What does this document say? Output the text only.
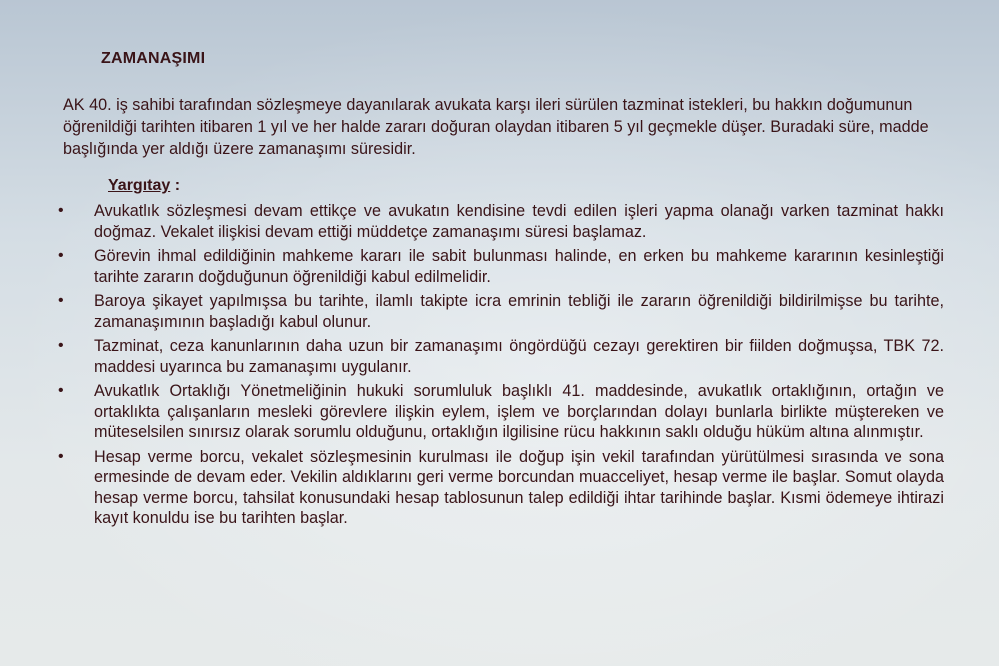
ZAMANAŞIMI
AK 40. iş sahibi tarafından sözleşmeye dayanılarak avukata karşı ileri sürülen tazminat istekleri, bu hakkın doğumunun öğrenildiği tarihten itibaren 1 yıl ve her halde zararı doğuran olaydan itibaren 5 yıl geçmekle düşer. Buradaki süre, madde başlığında yer aldığı üzere zamanaşımı süresidir.
Yargıtay :
• Avukatlık sözleşmesi devam ettikçe ve avukatın kendisine tevdi edilen işleri yapma olanağı varken tazminat hakkı doğmaz. Vekalet ilişkisi devam ettiği müddetçe zamanaşımı süresi başlamaz.
• Görevin ihmal edildiğinin mahkeme kararı ile sabit bulunması halinde, en erken bu mahkeme kararının kesinleştiği tarihte zararın doğduğunun öğrenildiği kabul edilmelidir.
• Baroya şikayet yapılmışsa bu tarihte, ilamlı takipte icra emrinin tebliği ile zararın öğrenildiği bildirilmişse bu tarihte, zamanaşımının başladığı kabul olunur.
• Tazminat, ceza kanunlarının daha uzun bir zamanaşımı öngördüğü cezayı gerektiren bir fiilden doğmuşsa, TBK 72. maddesi uyarınca bu zamanaşımı uygulanır.
• Avukatlık Ortaklığı Yönetmeliğinin hukuki sorumluluk başlıklı 41. maddesinde, avukatlık ortaklığının, ortağın ve ortaklıkta çalışanların mesleki görevlere ilişkin eylem, işlem ve borçlarından dolayı bunlarla birlikte müştereken ve müteselsilen sınırsız olarak sorumlu olduğunu, ortaklığın ilgilisine rücu hakkının saklı olduğu hüküm altına alınmıştır.
• Hesap verme borcu, vekalet sözleşmesinin kurulması ile doğup işin vekil tarafından yürütülmesi sırasında ve sona ermesinde de devam eder. Vekilin aldıklarını geri verme borcundan muacceliyet, hesap verme ile başlar. Somut olayda hesap verme borcu, tahsilat konusundaki hesap tablosunun talep edildiği ihtar tarihinde başlar. Kısmi ödemeye ihtirazi kayıt konuldu ise bu tarihten başlar.
